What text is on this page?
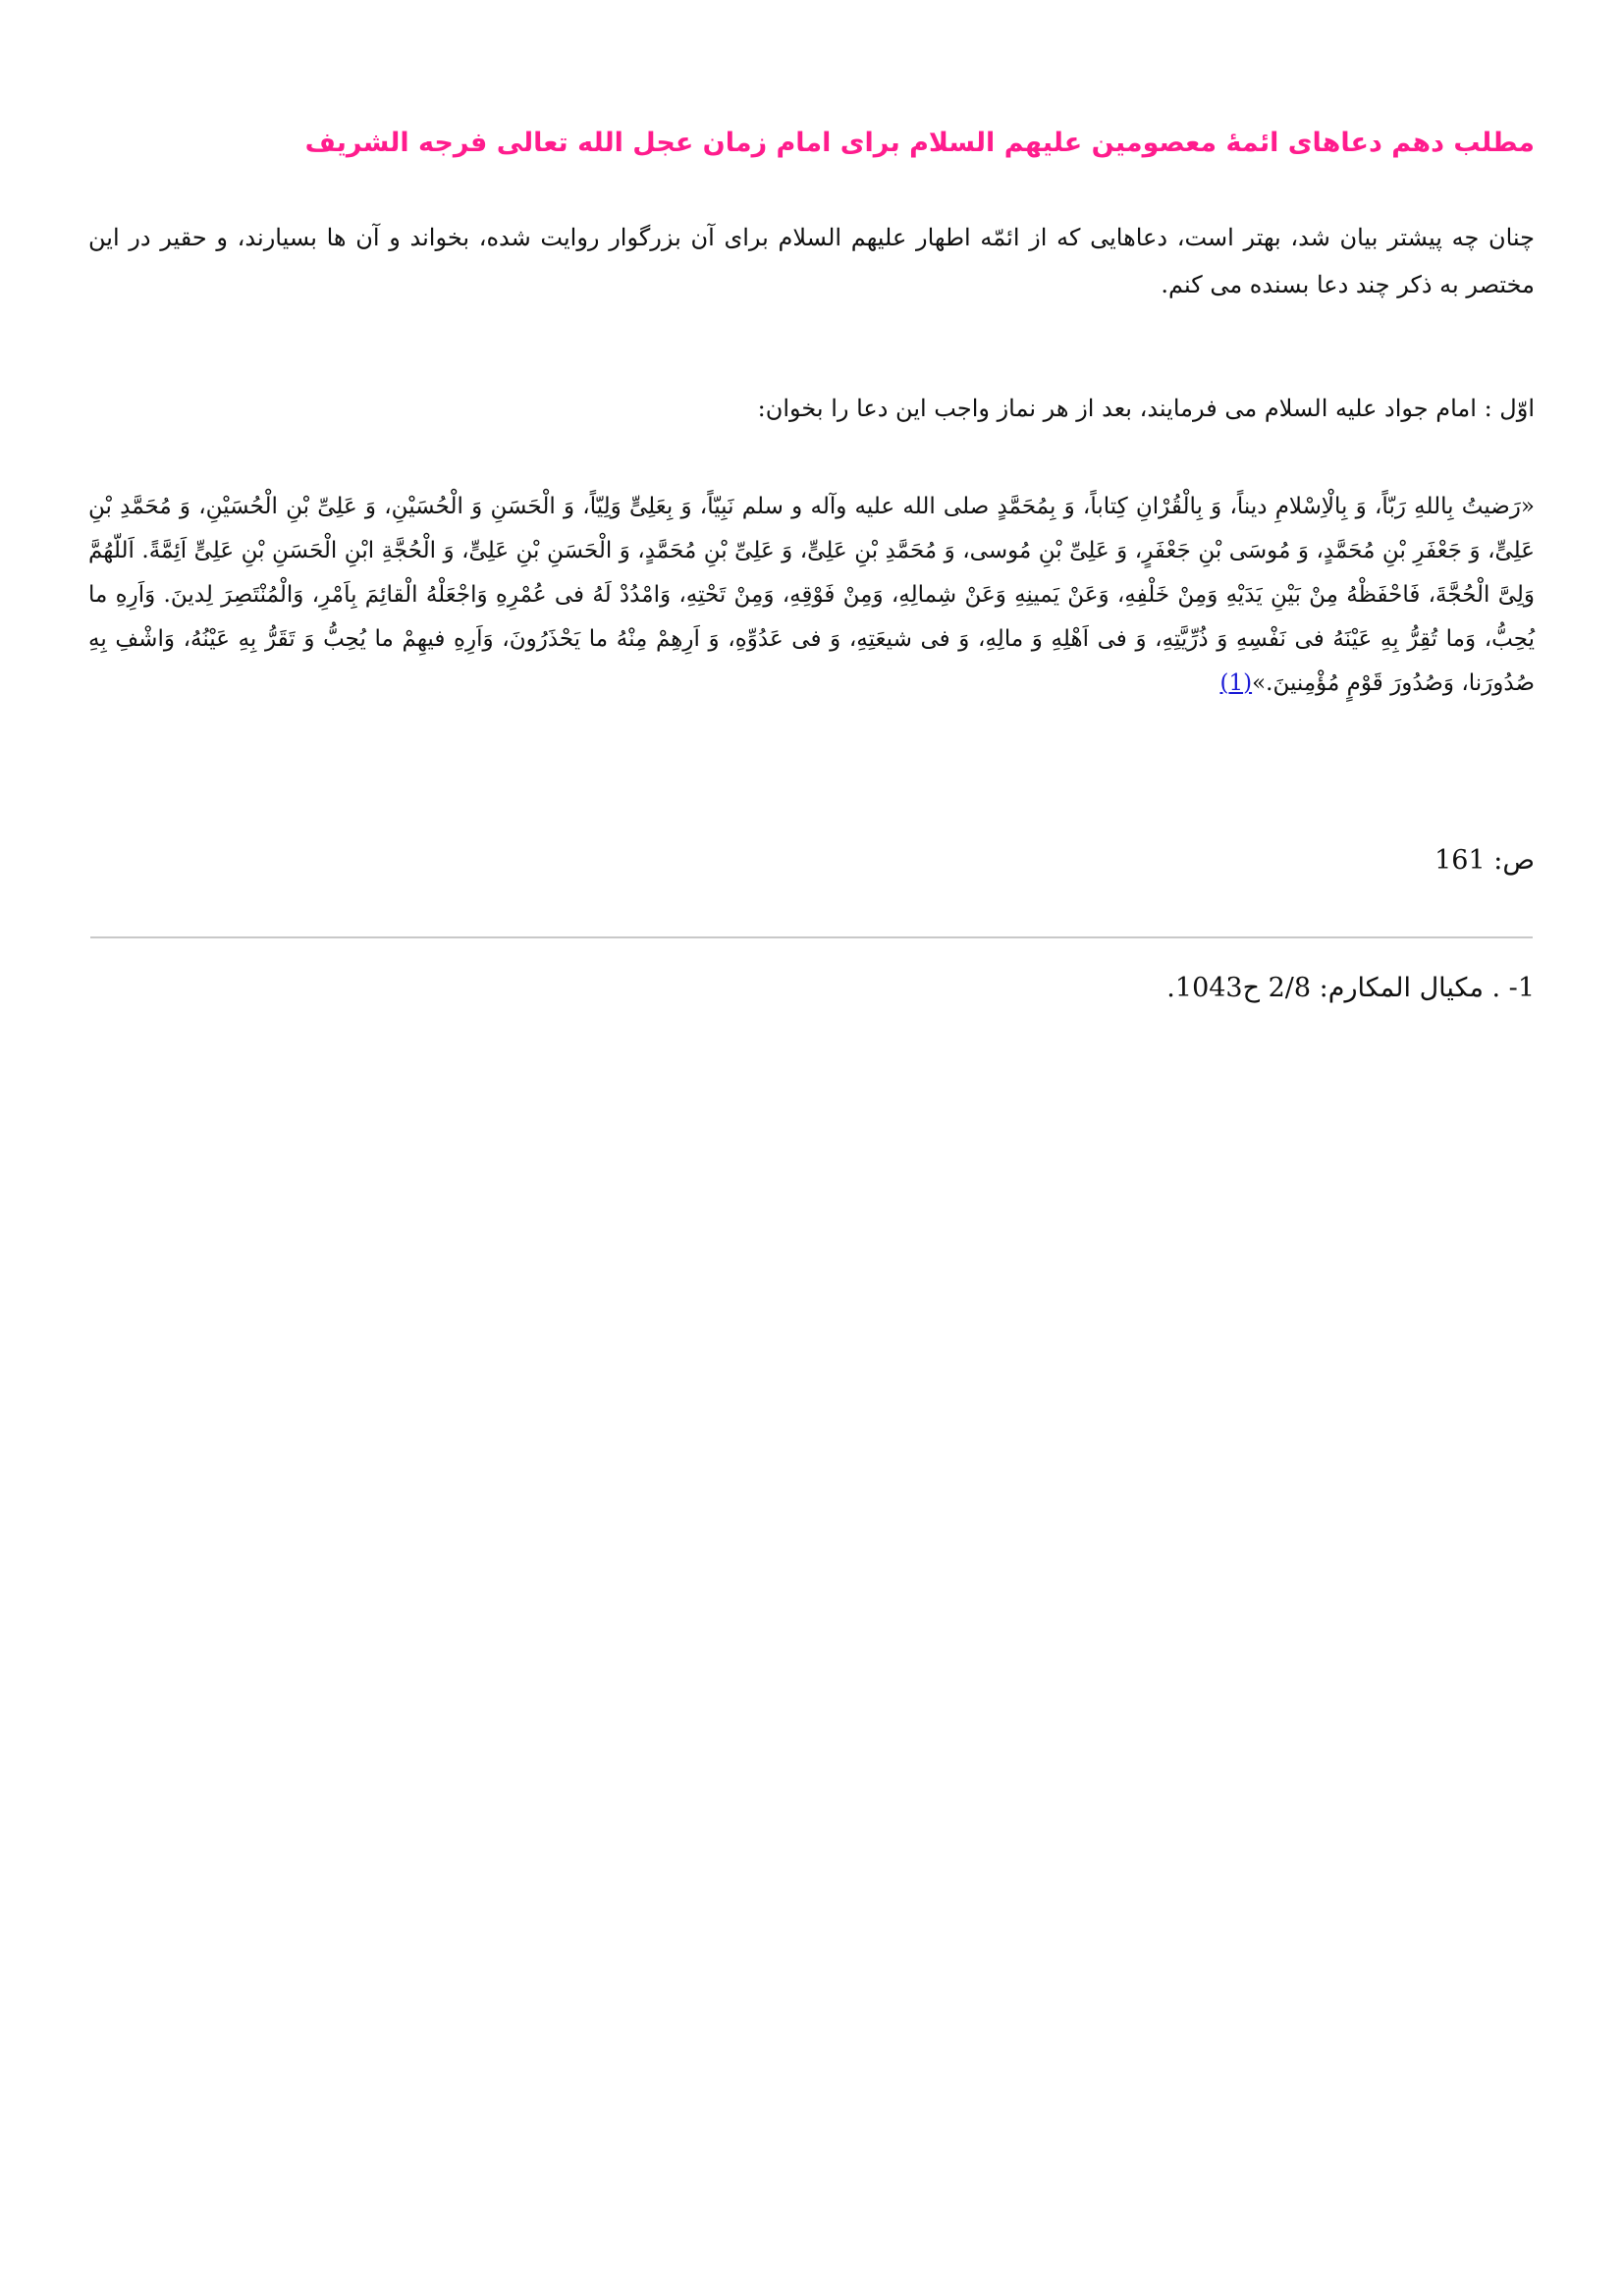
مطلب دهم دعاهای ائمهٔ معصومین علیهم السلام برای امام زمان عجل الله تعالی فرجه الشریف
چنان چه پیشتر بیان شد، بهتر است، دعاهایی که از ائمّه اطهار علیهم السلام برای آن بزرگوار روایت شده، بخواند و آن ها بسیارند، و حقیر در این مختصر به ذکر چند دعا بسنده می کنم.
اوّل : امام جواد علیه السلام می فرمایند، بعد از هر نماز واجب این دعا را بخوان:
«رَضیتُ بِاللهِ رَبّاً، وَ بِالْاِسْلامِ دیناً، وَ بِالْقُرْانِ کِتاباً، وَ بِمُحَمَّدٍ صلی الله علیه وآله و سلم نَبِیّاً، وَ بِعَلِیٍّ وَلِیّاً، وَ الْحَسَنِ وَ الْحُسَیْنِ، وَ عَلِیِّ بْنِ الْحُسَیْنِ، وَ مُحَمَّدِ بْنِ عَلِیٍّ، وَ جَعْفَرِ بْنِ مُحَمَّدٍ، وَ مُوسَی بْنِ جَعْفَرٍ، وَ عَلِیِّ بْنِ مُوسی، وَ مُحَمَّدِ بْنِ عَلِیٍّ، وَ عَلِیِّ بْنِ مُحَمَّدٍ، وَ الْحَسَنِ بْنِ عَلِیٍّ، وَ الْحُجَّةِ ابْنِ الْحَسَنِ بْنِ عَلِیٍّ اَئِمَّةً. اَللّهُمَّ وَلِیَّ الْحُجَّةَ، فَاحْفَظْهُ مِنْ بَیْنِ یَدَیْهِ وَمِنْ خَلْفِهِ، وَعَنْ یَمینِهِ وَعَنْ شِمالِهِ، وَمِنْ فَوْقِهِ، وَمِنْ تَحْتِهِ، وَامْدُدْ لَهُ فی عُمْرِهِ وَاجْعَلْهُ الْقائِمَ بِاَمْرِ، وَالْمُنْتَصِرَ لِدینَ. وَاَرِهِ ما یُحِبُّ، وَما تُقِرُّ بِهِ عَیْنَهُ فی نَفْسِهِ وَ ذُرِّیَّتِهِ، وَ فی اَهْلِهِ وَ مالِهِ، وَ فی شیعَتِهِ، وَ فی عَدُوِّهِ، وَ اَرِهِمْ مِنْهُ ما یَحْذَرُونَ، وَاَرِهِ فیهِمْ ما یُحِبُّ وَ تَقَرُّ بِهِ عَیْنُهُ، وَاشْفِ بِهِ صُدُورَنا، وَصُدُورَ قَوْمٍ مُؤْمِنینَ.»(1)
ص: 161
1- . مکیال المکارم: 2/8 ح1043.
